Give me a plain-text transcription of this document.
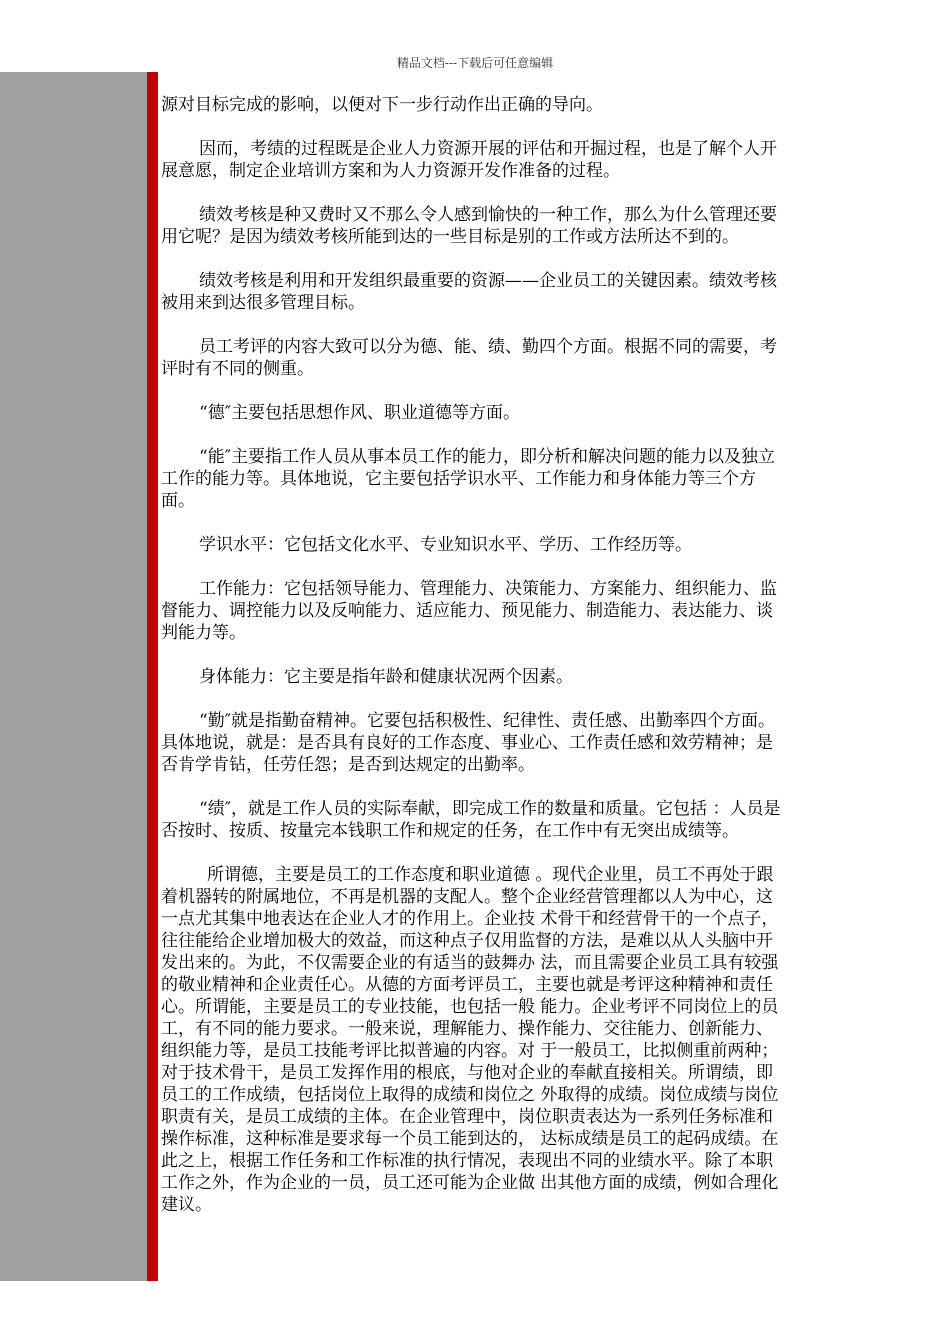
精品文档---下载后可任意编辑

源对目标完成的影响，以便对下一步行动作出正确的导向。

因而，考绩的过程既是企业人力资源开展的评估和开掘过程，也是了解个人开展意愿，制定企业培训方案和为人力资源开发作准备的过程。

绩效考核是种又费时又不那么令人感到愉快的一种工作，那么为什么管理还要用它呢？是因为绩效考核所能到达的一些目标是别的工作或方法所达不到的。

绩效考核是利用和开发组织最重要的资源——企业员工的关键因素。绩效考核被用来到达很多管理目标。

员工考评的内容大致可以分为德、能、绩、勤四个方面。根据不同的需要，考评时有不同的侧重。

“德″主要包括思想作风、职业道德等方面。

“能″主要指工作人员从事本员工作的能力，即分析和解决问题的能力以及独立工作的能力等。具体地说，它主要包括学识水平、工作能力和身体能力等三个方面。

学识水平：它包括文化水平、专业知识水平、学历、工作经历等。

工作能力：它包括领导能力、管理能力、决策能力、方案能力、组织能力、监督能力、调控能力以及反响能力、适应能力、预见能力、制造能力、表达能力、谈判能力等。

身体能力：它主要是指年龄和健康状况两个因素。

“勤″就是指勤奋精神。它要包括积极性、纪律性、责任感、出勤率四个方面。具体地说，就是：是否具有良好的工作态度、事业心、工作责任感和效劳精神；是否肯学肯钻，任劳任怨；是否到达规定的出勤率。

“绩″，就是工作人员的实际奉献，即完成工作的数量和质量。它包括 ：人员是否按时、按质、按量完本钱职工作和规定的任务，在工作中有无突出成绩等。

所谓德，主要是员工的工作态度和职业道德 。现代企业里，员工不再处于跟着机器转的附属地位，不再是机器的支配人。整个企业经营管理都以人为中心，这一点尤其集中地表达在企业人才的作用上。企业技 术骨干和经营骨干的一个点子，往往能给企业增加极大的效益，而这种点子仅用监督的方法，是难以从人头脑中开发出来的。为此，不仅需要企业的有适当的鼓舞办 法，而且需要企业员工具有较强的敬业精神和企业责任心。从德的方面考评员工，主要也就是考评这种精神和责任心。所谓能，主要是员工的专业技能，也包括一般 能力。企业考评不同岗位上的员工，有不同的能力要求。一般来说，理解能力、操作能力、交往能力、创新能力、组织能力等，是员工技能考评比拟普遍的内容。对 于一般员工，比拟侧重前两种；对于技术骨干，是员工发挥作用的根底，与他对企业的奉献直接相关。所谓绩，即员工的工作成绩，包括岗位上取得的成绩和岗位之 外取得的成绩。岗位成绩与岗位职责有关，是员工成绩的主体。在企业管理中，岗位职责表达为一系列任务标准和操作标准，这种标准是要求每一个员工能到达的， 达标成绩是员工的起码成绩。在此之上，根据工作任务和工作标准的执行情况，表现出不同的业绩水平。除了本职工作之外，作为企业的一员，员工还可能为企业做 出其他方面的成绩，例如合理化建议。
